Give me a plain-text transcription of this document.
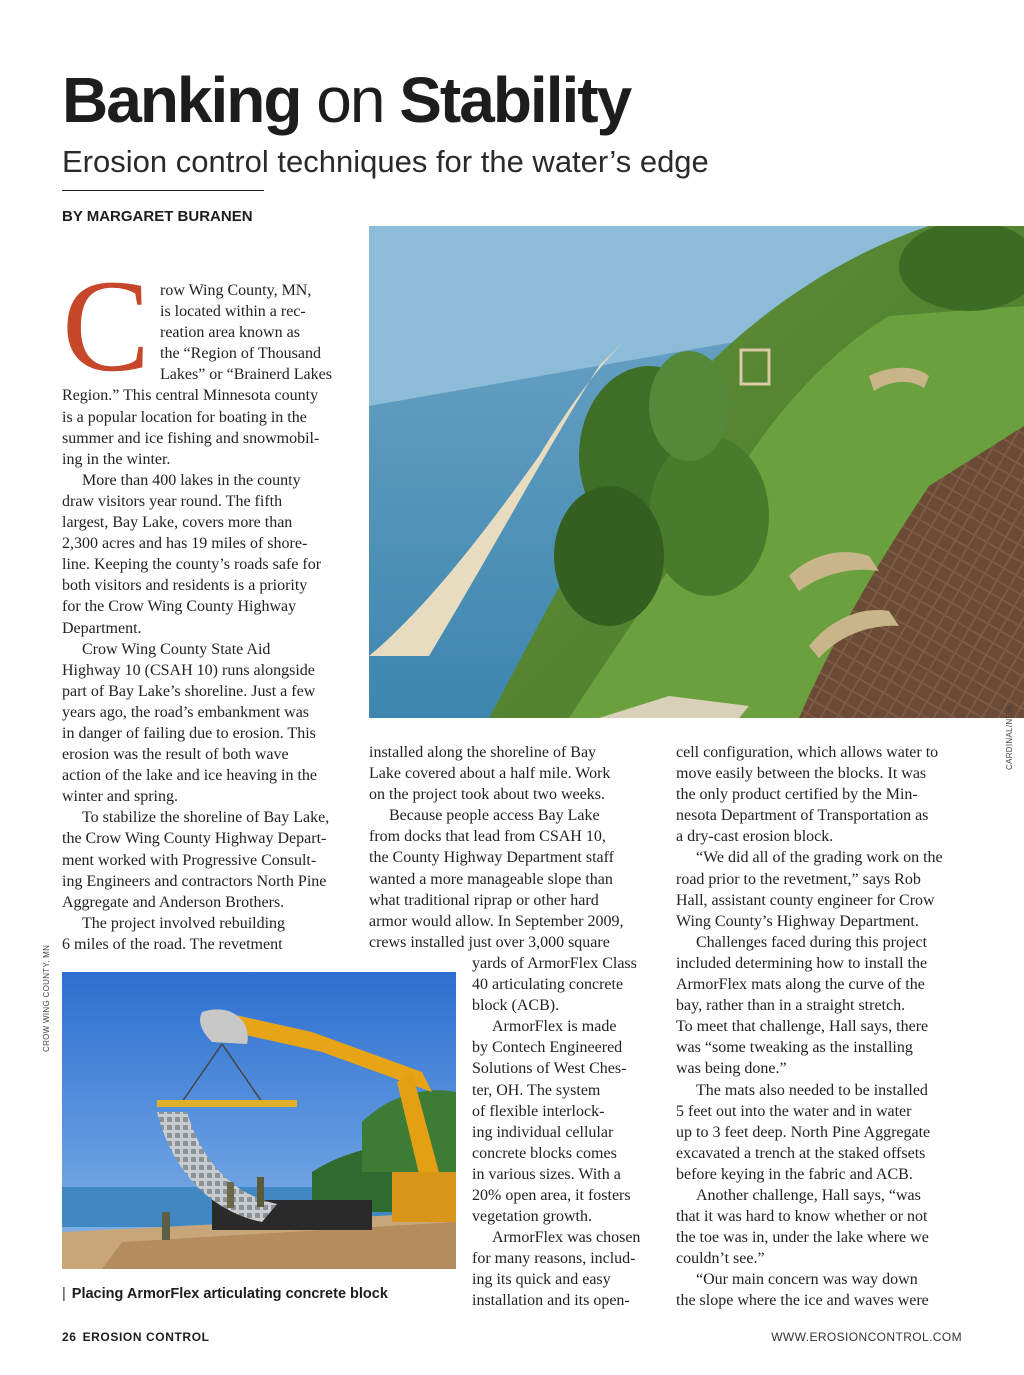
Banking on Stability
Erosion control techniques for the water’s edge
BY MARGARET BURANEN
CARDINAL/NEW
C row Wing County, MN,
is located within a rec-
reation area known as
the “Region of Thousand
Lakes” or “Brainerd Lakes
Region.” This central Minnesota county
is a popular location for boating in the
summer and ice fishing and snowmobil-
ing in the winter.
More than 400 lakes in the county
draw visitors year round. The fifth
largest, Bay Lake, covers more than
2,300 acres and has 19 miles of shore-
line. Keeping the county’s roads safe for
both visitors and residents is a priority
for the Crow Wing County Highway
Department.
Crow Wing County State Aid
Highway 10 (CSAH 10) runs alongside
part of Bay Lake’s shoreline. Just a few
years ago, the road’s embankment was
in danger of failing due to erosion. This
erosion was the result of both wave
action of the lake and ice heaving in the
winter and spring.
To stabilize the shoreline of Bay Lake,
the Crow Wing County Highway Depart-
ment worked with Progressive Consult-
ing Engineers and contractors North Pine
Aggregate and Anderson Brothers.
The project involved rebuilding
6 miles of the road. The revetment
installed along the shoreline of Bay
Lake covered about a half mile. Work
on the project took about two weeks.
Because people access Bay Lake
from docks that lead from CSAH 10,
the County Highway Department staff
wanted a more manageable slope than
what traditional riprap or other hard
armor would allow. In September 2009,
crews installed just over 3,000 square
yards of ArmorFlex Class
40 articulating concrete
block (ACB).
ArmorFlex is made
by Contech Engineered
Solutions of West Ches-
ter, OH. The system
of flexible interlock-
ing individual cellular
concrete blocks comes
in various sizes. With a
20% open area, it fosters
vegetation growth.
ArmorFlex was chosen
for many reasons, includ-
ing its quick and easy
installation and its open-
cell configuration, which allows water to
move easily between the blocks. It was
the only product certified by the Min-
nesota Department of Transportation as
a dry-cast erosion block.
“We did all of the grading work on the
road prior to the revetment,” says Rob
Hall, assistant county engineer for Crow
Wing County’s Highway Department.
Challenges faced during this project
included determining how to install the
ArmorFlex mats along the curve of the
bay, rather than in a straight stretch.
To meet that challenge, Hall says, there
was “some tweaking as the installing
was being done.”
The mats also needed to be installed
5 feet out into the water and in water
up to 3 feet deep. North Pine Aggregate
excavated a trench at the staked offsets
before keying in the fabric and ACB.
Another challenge, Hall says, “was
that it was hard to know whether or not
the toe was in, under the lake where we
couldn’t see.”
“Our main concern was way down
the slope where the ice and waves were
CROW WING COUNTY, MN
| Placing ArmorFlex articulating concrete block
26 EROSION CONTROL	WWW.EROSIONCONTROL.COM
